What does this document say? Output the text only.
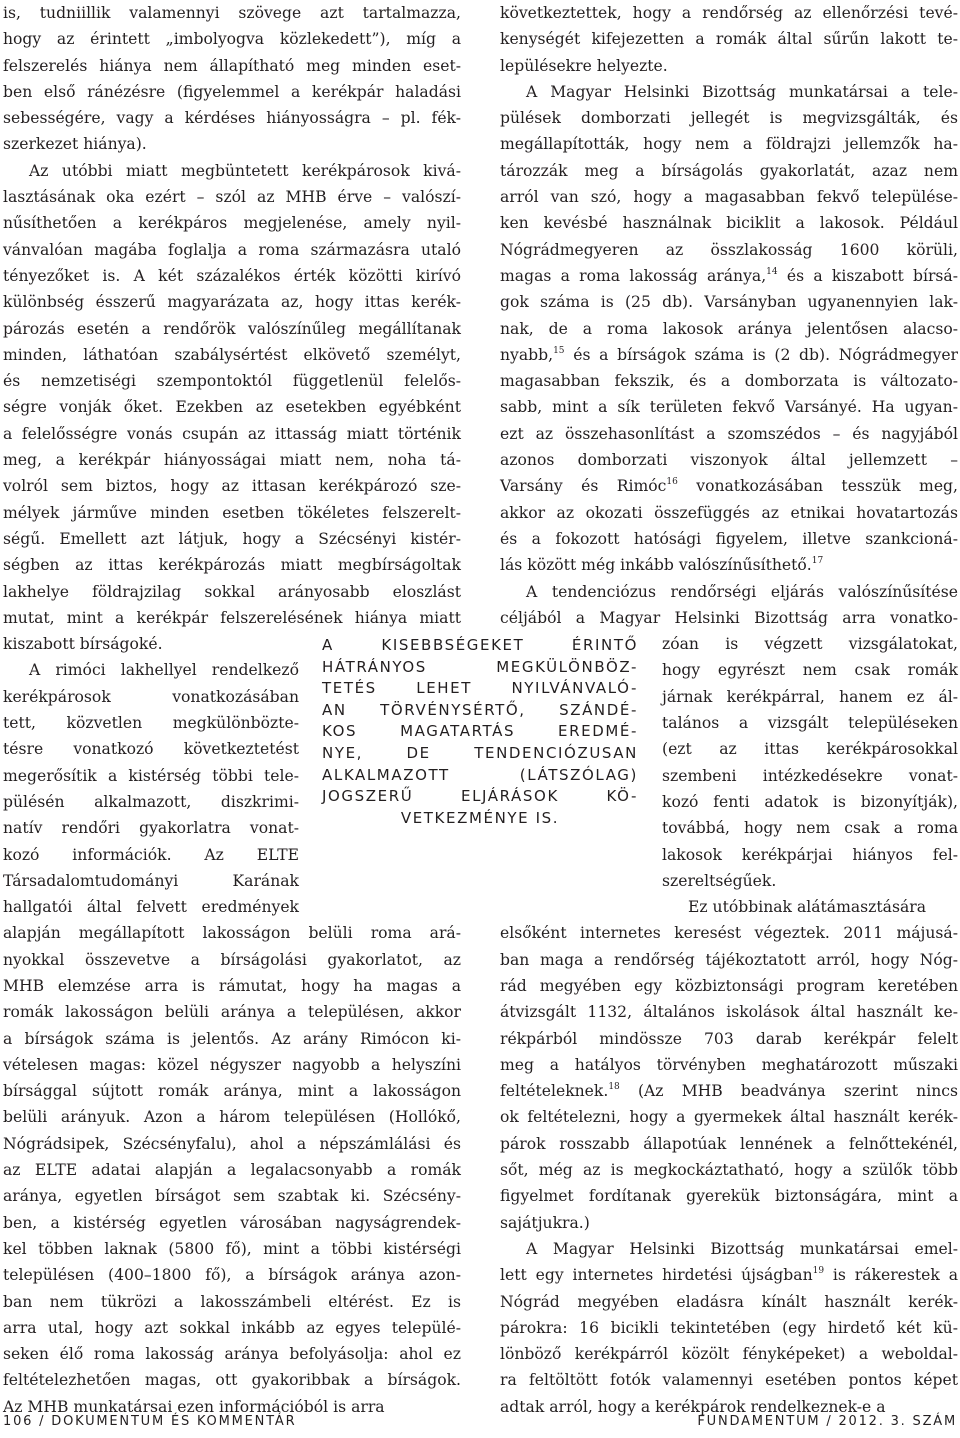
is, tudniillik valamennyi szövege azt tartalmazza,
hogy az érintett „imbolyogva közlekedett”), míg a
felszerelés hiánya nem állapítható meg minden eset-
ben első ránézésre (figyelemmel a kerékpár haladási
sebességére, vagy a kérdéses hiányosságra – pl. fék-
szerkezet hiánya).
Az utóbbi miatt megbüntetett kerékpárosok kivá-
lasztásának oka ezért – szól az MHB érve – valószí-
nűsíthetően a kerékpáros megjelenése, amely nyil-
vánvalóan magába foglalja a roma származásra utaló
tényezőket is. A két százalékos érték közötti kirívó
különbség ésszerű magyarázata az, hogy ittas kerék-
pározás esetén a rendőrök valószínűleg megállítanak
minden, láthatóan szabálysértést elkövető személyt,
és nemzetiségi szempontoktól függetlenül felelős-
ségre vonják őket. Ezekben az esetekben egyébként
a felelősségre vonás csupán az ittasság miatt történik
meg, a kerékpár hiányosságai miatt nem, noha tá-
volról sem biztos, hogy az ittasan kerékpározó sze-
mélyek járműve minden esetben tökéletes felszerelt-
ségű. Emellett azt látjuk, hogy a Szécsényi kistér-
ségben az ittas kerékpározás miatt megbírságoltak
lakhelye földrajzilag sokkal arányosabb eloszlást
mutat, mint a kerékpár felszerelésének hiánya miatt
kiszabott bírságoké.
A rimóci lakhellyel rendelkező
kerékpárosok vonatkozásában
tett, közvetlen megkülönbözte-
tésre vonatkozó következtetést
megerősítik a kistérség többi tele-
pülésén alkalmazott, diszkrimi-
natív rendőri gyakorlatra vonat-
kozó információk. Az ELTE
Társadalomtudományi Karának
hallgatói által felvett eredmények
alapján megállapított lakosságon belüli roma ará-
nyokkal összevetve a bírságolási gyakorlatot, az
MHB elemzése arra is rámutat, hogy ha magas a
romák lakosságon belüli aránya a településen, akkor
a bírságok száma is jelentős. Az arány Rimócon ki-
vételesen magas: közel négyszer nagyobb a helyszíni
bírsággal sújtott romák aránya, mint a lakosságon
belüli arányuk. Azon a három településen (Hollókő,
Nógrádsipek, Szécsényfalu), ahol a népszámlálási és
az ELTE adatai alapján a legalacsonyabb a romák
aránya, egyetlen bírságot sem szabtak ki. Szécsény-
ben, a kistérség egyetlen városában nagyságrendek-
kel többen laknak (5800 fő), mint a többi kistérségi
településen (400–1800 fő), a bírságok aránya azon-
ban nem tükrözi a lakosszámbeli eltérést. Ez is
arra utal, hogy azt sokkal inkább az egyes települé-
seken élő roma lakosság aránya befolyásolja: ahol ez
feltételezhetően magas, ott gyakoribbak a bírságok.
Az MHB munkatársai ezen információból is arra
következtettek, hogy a rendőrség az ellenőrzési tevé-
kenységét kifejezetten a romák által sűrűn lakott te-
lepülésekre helyezte.
A Magyar Helsinki Bizottság munkatársai a tele-
pülések domborzati jellegét is megvizsgálták, és
megállapították, hogy nem a földrajzi jellemzők ha-
tározzák meg a bírságolás gyakorlatát, azaz nem
arról van szó, hogy a magasabban fekvő települése-
ken kevésbé használnak biciklit a lakosok. Például
Nógrádmegyeren az összlakosság 1600 körüli,
magas a roma lakosság aránya,$^{14}$ és a kiszabott bírsá-
gok száma is (25 db). Varsányban ugyanennyien lak-
nak, de a roma lakosok aránya jelentősen alacso-
nyabb,$^{15}$ és a bírságok száma is (2 db). Nógrádmegyer
magasabban fekszik, és a domborzata is változato-
sabb, mint a sík területen fekvő Varsányé. Ha ugyan-
ezt az összehasonlítást a szomszédos – és nagyjából
azonos domborzati viszonyok által jellemzett –
Varsány és Rimóc$^{16}$ vonatkozásában tesszük meg,
akkor az okozati összefüggés az etnikai hovatartozás
és a fokozott hatósági figyelem, illetve szankcioná-
lás között még inkább valószínűsíthető.$^{17}$
A tendenciózus rendőrségi eljárás valószínűsítése
céljából a Magyar Helsinki Bizottság arra vonatko-
zóan is végzett vizsgálatokat,
hogy egyrészt nem csak romák
járnak kerékpárral, hanem ez ál-
talános a vizsgált településeken
(ezt az ittas kerékpárosokkal
szembeni intézkedésekre vonat-
kozó fenti adatok is bizonyítják),
továbbá, hogy nem csak a roma
lakosok kerékpárjai hiányos fel-
szereltségűek.
Ez utóbbinak alátámasztására
elsőként internetes keresést végeztek. 2011 májusá-
ban maga a rendőrség tájékoztatott arról, hogy Nóg-
rád megyében egy közbiztonsági program keretében
átvizsgált 1132, általános iskolások által használt ke-
rékpárból mindössze 703 darab kerékpár felelt
meg a hatályos törvényben meghatározott műszaki
feltételeknek.$^{18}$ (Az MHB beadványa szerint nincs
ok feltételezni, hogy a gyermekek által használt kerék-
párok rosszabb állapotúak lennének a felnőttekénél,
sőt, még az is megkockáztatható, hogy a szülők több
figyelmet fordítanak gyerekük biztonságára, mint a
sajátjukra.)
A Magyar Helsinki Bizottság munkatársai emel-
lett egy internetes hirdetési újságban$^{19}$ is rákerestek a
Nógrád megyében eladásra kínált használt kerék-
párokra: 16 bicikli tekintetében (egy hirdető két kü-
lönböző kerékpárról közölt fényképeket) a weboldal-
ra feltöltött fotók valamennyi esetében pontos képet
adtak arról, hogy a kerékpárok rendelkeznek-e a
A KISEBBSÉGEKET ÉRINTŐ
HÁTRÁNYOS MEGKÜLÖNBÖZ-
TETÉS LEHET NYILVÁNVALÓ-
AN TÖRVÉNYSÉRTŐ, SZÁNDÉ-
KOS MAGATARTÁS EREDMÉ-
NYE, DE TENDENCIÓZUSAN
ALKALMAZOTT (LÁTSZÓLAG)
JOGSZERŰ ELJÁRÁSOK KÖ-
VETKEZMÉNYE IS.
106 / DOKUMENTUM ÉS KOMMENTÁR	FUNDAMENTUM / 2012. 3. SZÁM
